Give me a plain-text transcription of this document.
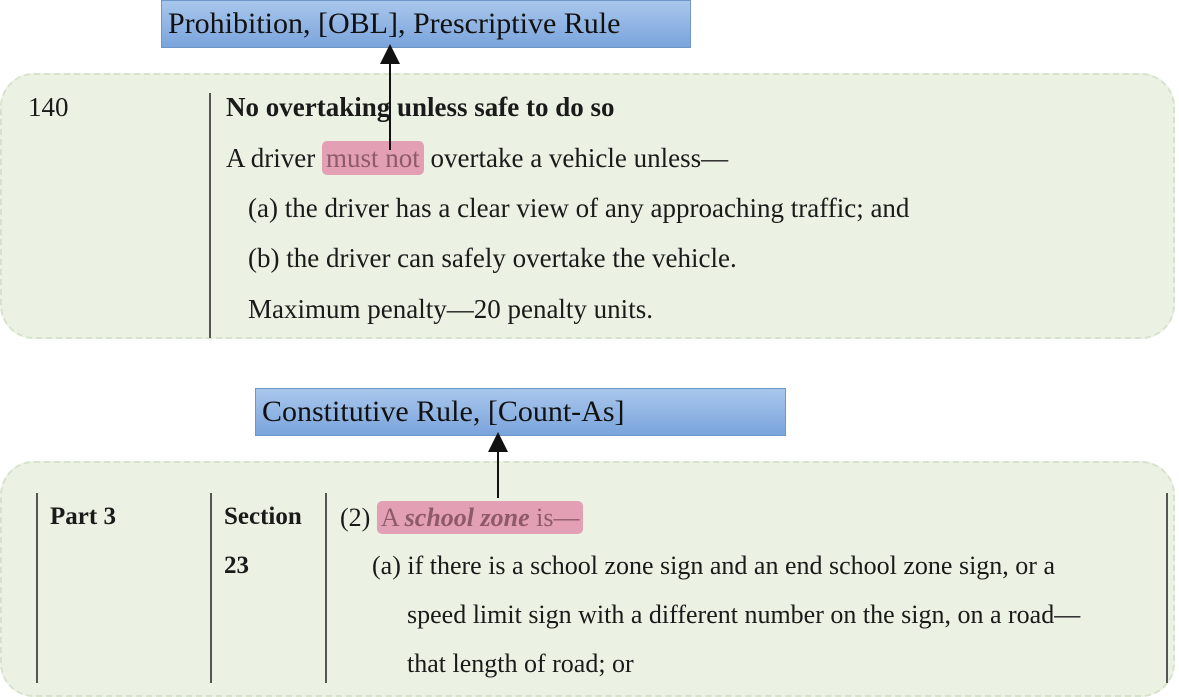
Prohibition, [OBL], Prescriptive Rule
140	No overtaking unless safe to do so
A driver must not overtake a vehicle unless—
(a) the driver has a clear view of any approaching traffic; and
(b) the driver can safely overtake the vehicle.
Maximum penalty—20 penalty units.
Constitutive Rule, [Count-As]
Part 3	Section
23
(2) A school zone is—
(a) if there is a school zone sign and an end school zone sign, or a
speed limit sign with a different number on the sign, on a road—
that length of road; or
